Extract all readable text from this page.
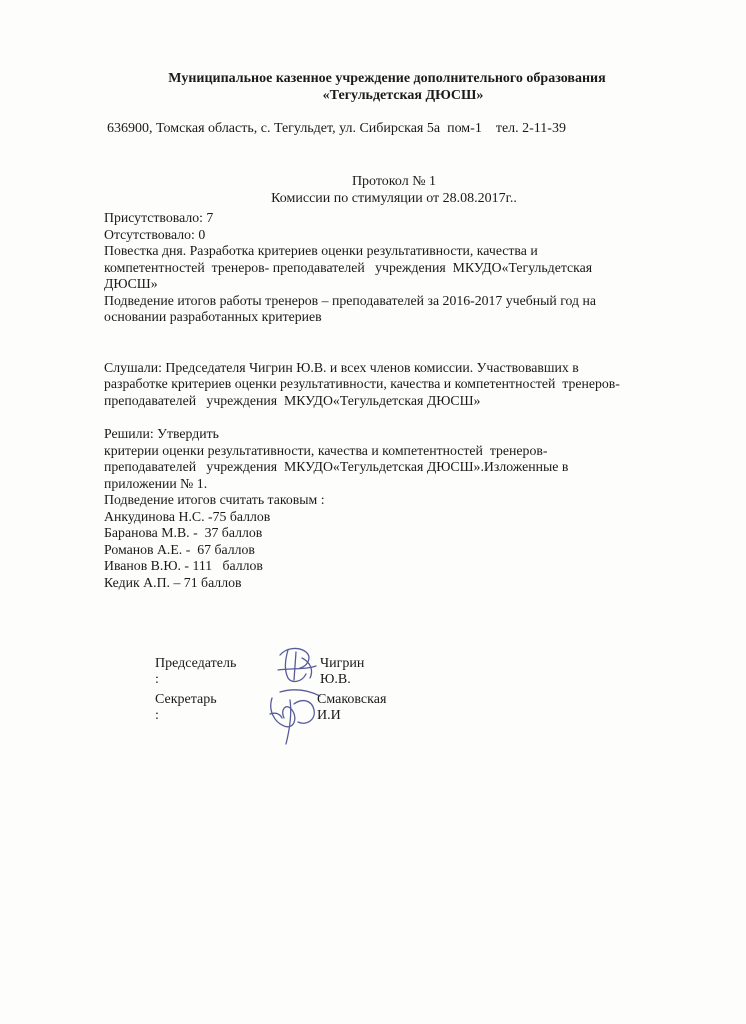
Муниципальное казенное учреждение дополнительного образования
«Тегульдетская ДЮСШ»
636900, Томская область, с. Тегульдет, ул. Сибирская 5а  пом-1    тел. 2-11-39
Протокол № 1
Комиссии по стимуляции от 28.08.2017г..

Присутствовало: 7

Отсутствовало: 0

Повестка дня. Разработка критериев оценки результативности, качества и

компетентностей  тренеров- преподавателей   учреждения  МКУДО«Тегульдетская

ДЮСШ»

Подведение итогов работы тренеров – преподавателей за 2016-2017 учебный год на

основании разработанных критериев

Слушали: Председателя Чигрин Ю.В. и всех членов комиссии. Участвовавших в

разработке критериев оценки результативности, качества и компетентностей  тренеров-

преподавателей   учреждения  МКУДО«Тегульдетская ДЮСШ»

Решили: Утвердить

критерии оценки результативности, качества и компетентностей  тренеров-

преподавателей   учреждения  МКУДО«Тегульдетская ДЮСШ».Изложенные в

приложении № 1.

Подведение итогов считать таковым :

Анкудинова Н.С. -75 баллов

Баранова М.В. -  37 баллов

Романов А.Е. -  67 баллов

Иванов В.Ю. - 111   баллов

Кедик А.П. – 71 баллов

Председатель :
Чигрин Ю.В.
Секретарь :
Смаковская И.И
